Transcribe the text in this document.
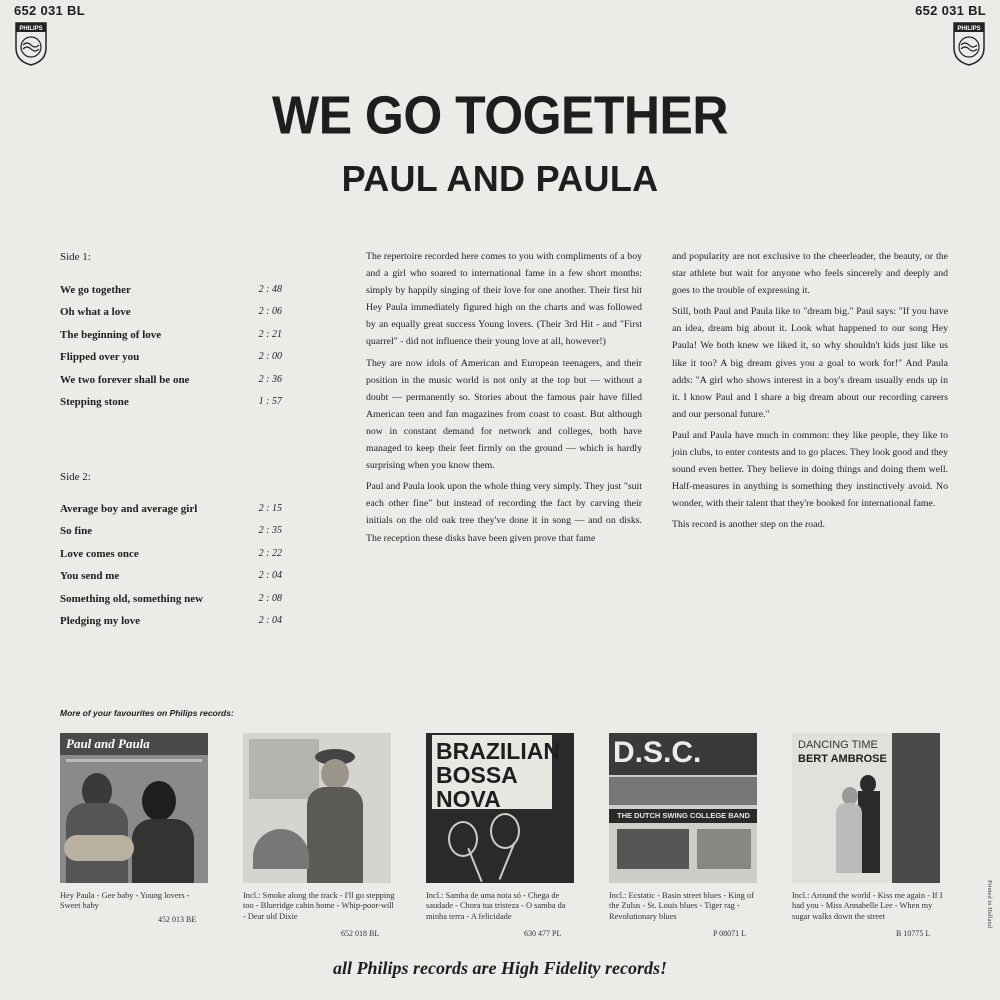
652 031 BL	652 031 BL
PHILIPS	PHILIPS
WE GO TOGETHER
PAUL AND PAULA
Side 1:
We go together	2 : 48
Oh what a love	2 : 06
The beginning of love	2 : 21
Flipped over you	2 : 00
We two forever shall be one	2 : 36
Stepping stone	1 : 57
Side 2:
Average boy and average girl	2 : 15
So fine	2 : 35
Love comes once	2 : 22
You send me	2 : 04
Something old, something new	2 : 08
Pledging my love	2 : 04

The repertoire recorded here comes to you with compliments of a boy and a girl who soared to international fame in a few short months: simply by happily singing of their love for one another. Their first hit Hey Paula immediately figured high on the charts and was followed by an equally great success Young lovers. (Their 3rd Hit - and "First quarrel" - did not influence their young love at all, however!)

They are now idols of American and European teenagers, and their position in the music world is not only at the top but — without a doubt — permanently so. Stories about the famous pair have filled American teen and fan magazines from coast to coast. But although now in constant demand for network and colleges, both have managed to keep their feet firmly on the ground — which is hardly surprising when you know them.

Paul and Paula look upon the whole thing very simply. They just "suit each other fine" but instead of recording the fact by carving their initials on the old oak tree they've done it in song — and on disks. The reception these disks have been given prove that fame

and popularity are not exclusive to the cheerleader, the beauty, or the star athlete but wait for anyone who feels sincerely and deeply and goes to the trouble of expressing it.

Still, both Paul and Paula like to "dream big." Paul says: "If you have an idea, dream big about it. Look what happened to our song Hey Paula! We both knew we liked it, so why shouldn't kids just like us like it too? A big dream gives you a goal to work for!" And Paula adds: "A girl who shows interest in a boy's dream usually ends up in it. I know Paul and I share a big dream about our recording careers and our personal future."

Paul and Paula have much in common: they like people, they like to join clubs, to enter contests and to go places. They look good and they sound even better. They believe in doing things and doing them well. Half-measures in anything is something they instinctively avoid. No wonder, with their talent that they're booked for international fame.

This record is another step on the road.

More of your favourites on Philips records:
Paul and Paula
Hey Paula - Gee baby - Young lovers - Sweet baby
452 013 BE
Incl.: Smoke along the track - I'll go stepping too - Blueridge cabin home - Whip-poor-will - Dear old Dixie
652 018 BL
BRAZILIAN BOSSA NOVA
Incl.: Samba de uma nota só - Chega de saudade - Chora tua tristeza - O samba da minha terra - A felicidade
630 477 PL
D.S.C.
THE DUTCH SWING COLLEGE BAND
Incl.: Ecstatic - Basin street blues - King of the Zulus - St. Louis blues - Tiger rag - Revolutionary blues
P 08071 L
DANCING TIME
BERT AMBROSE
Incl.: Around the world - Kiss me again - If I had you - Miss Annabelle Lee - When my sugar walks down the street
B 10775 L
all Philips records are High Fidelity records!
Printed in Holland
